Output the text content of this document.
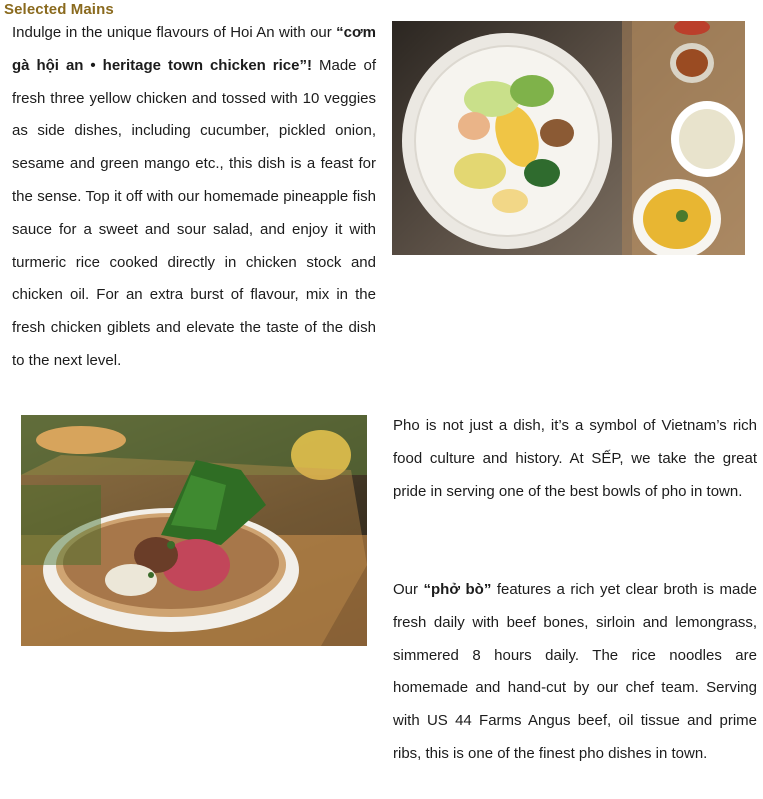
Selected Mains
Indulge in the unique flavours of Hoi An with our “cơm gà hội an • heritage town chicken rice”! Made of fresh three yellow chicken and tossed with 10 veggies as side dishes, including cucumber, pickled onion, sesame and green mango etc., this dish is a feast for the sense. Top it off with our homemade pineapple fish sauce for a sweet and sour salad, and enjoy it with turmeric rice cooked directly in chicken stock and chicken oil. For an extra burst of flavour, mix in the fresh chicken giblets and elevate the taste of the dish to the next level.
Pho is not just a dish, it’s a symbol of Vietnam’s rich food culture and history. At SẾP, we take the great pride in serving one of the best bowls of pho in town.
Our “phở bò” features a rich yet clear broth is made fresh daily with beef bones, sirloin and lemongrass, simmered 8 hours daily. The rice noodles are homemade and hand-cut by our chef team. Serving with US 44 Farms Angus beef, oil tissue and prime ribs, this is one of the finest pho dishes in town.
